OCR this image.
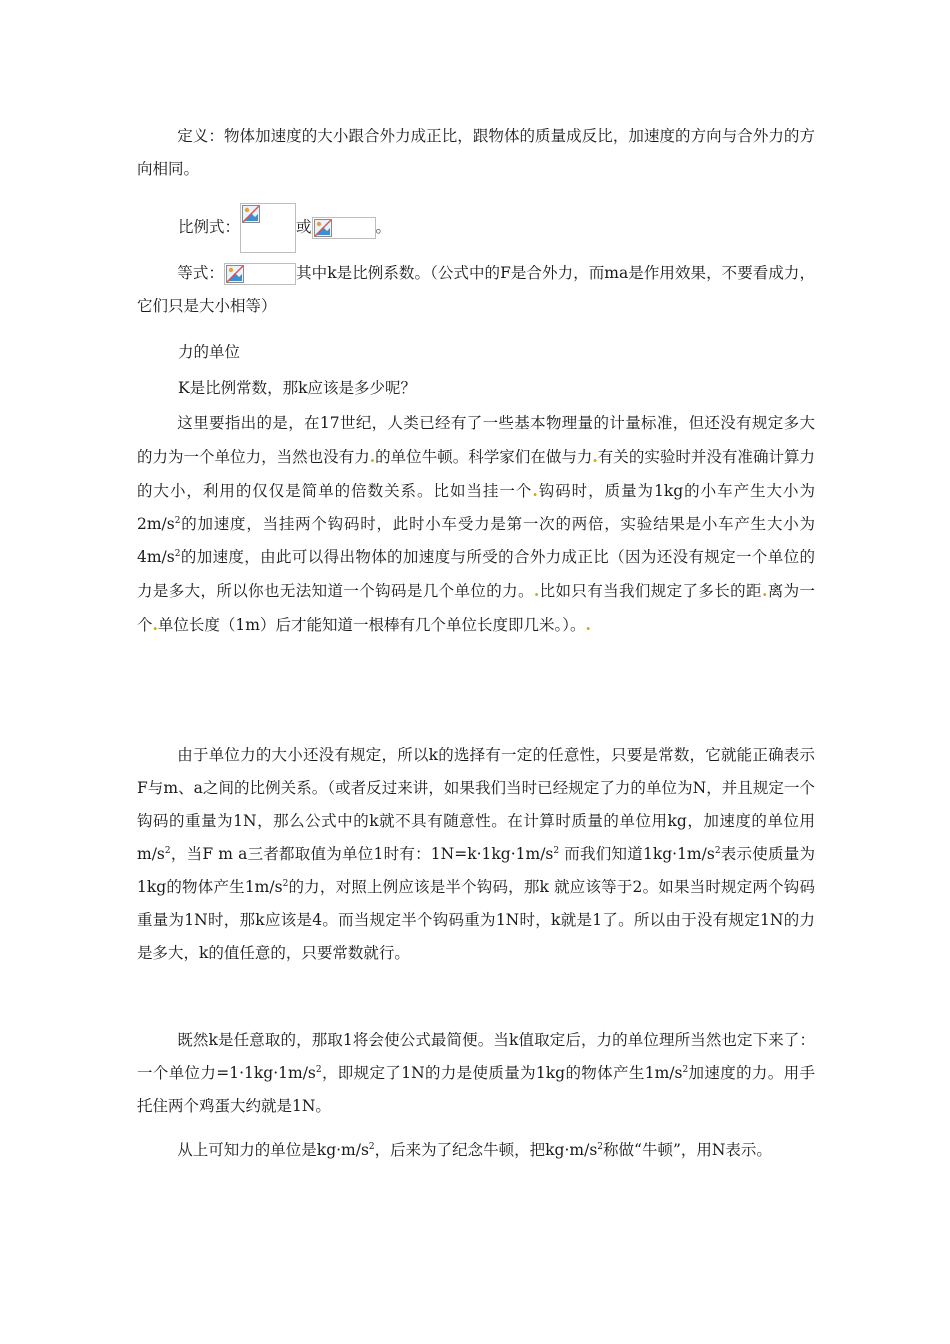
定义：物体加速度的大小跟合外力成正比，跟物体的质量成反比，加速度的方向与合外力的方向相同。
比例式：	或	。
等式：	其中k是比例系数。（公式中的F是合外力，而ma是作用效果，不要看成力，它们只是大小相等）
力的单位
K是比例常数，那k应该是多少呢？
这里要指出的是，在17世纪，人类已经有了一些基本物理量的计量标准，但还没有规定多大的力为一个单位力，当然也没有力.的单位牛顿。科学家们在做与力.有关的实验时并没有准确计算力的大小，利用的仅仅是简单的倍数关系。比如当挂一个.钩码时，质量为1kg的小车产生大小为$2m/s^2$的加速度，当挂两个钩码时，此时小车受力是第一次的两倍，实验结果是小车产生大小为$4m/s^2$的加速度，由此可以得出物体的加速度与所受的合外力成正比（因为还没有规定一个单位的力是多大，所以你也无法知道一个钩码是几个单位的力。.比如只有当我们规定了多长的距.离为一个.单位长度（1m）后才能知道一根棒有几个单位长度即几米。）。.
由于单位力的大小还没有规定，所以k的选择有一定的任意性，只要是常数，它就能正确表示F与m、a之间的比例关系。（或者反过来讲，如果我们当时已经规定了力的单位为N，并且规定一个钩码的重量为1N，那么公式中的k就不具有随意性。在计算时质量的单位用kg，加速度的单位用$m/s^2$，当F m a三者都取值为单位1时有：$1N=k\cdot 1kg\cdot 1m/s^2$ 而我们知道$1kg\cdot 1m/s^2$表示使质量为1kg的物体产生$1m/s^2$的力，对照上例应该是半个钩码，那k 就应该等于2。如果当时规定两个钩码重量为1N时，那k应该是4。而当规定半个钩码重为1N时，k就是1了。所以由于没有规定1N的力是多大，k的值任意的，只要常数就行。
既然k是任意取的，那取1将会使公式最简便。当k值取定后，力的单位理所当然也定下来了：一个单位力$=1\cdot 1kg\cdot 1m/s^2$，即规定了1N的力是使质量为1kg的物体产生$1m/s^2$加速度的力。用手托住两个鸡蛋大约就是1N。
从上可知力的单位是$kg\cdot m/s^2$，后来为了纪念牛顿，把$kg\cdot m/s^2$称做“牛顿”，用N表示。
